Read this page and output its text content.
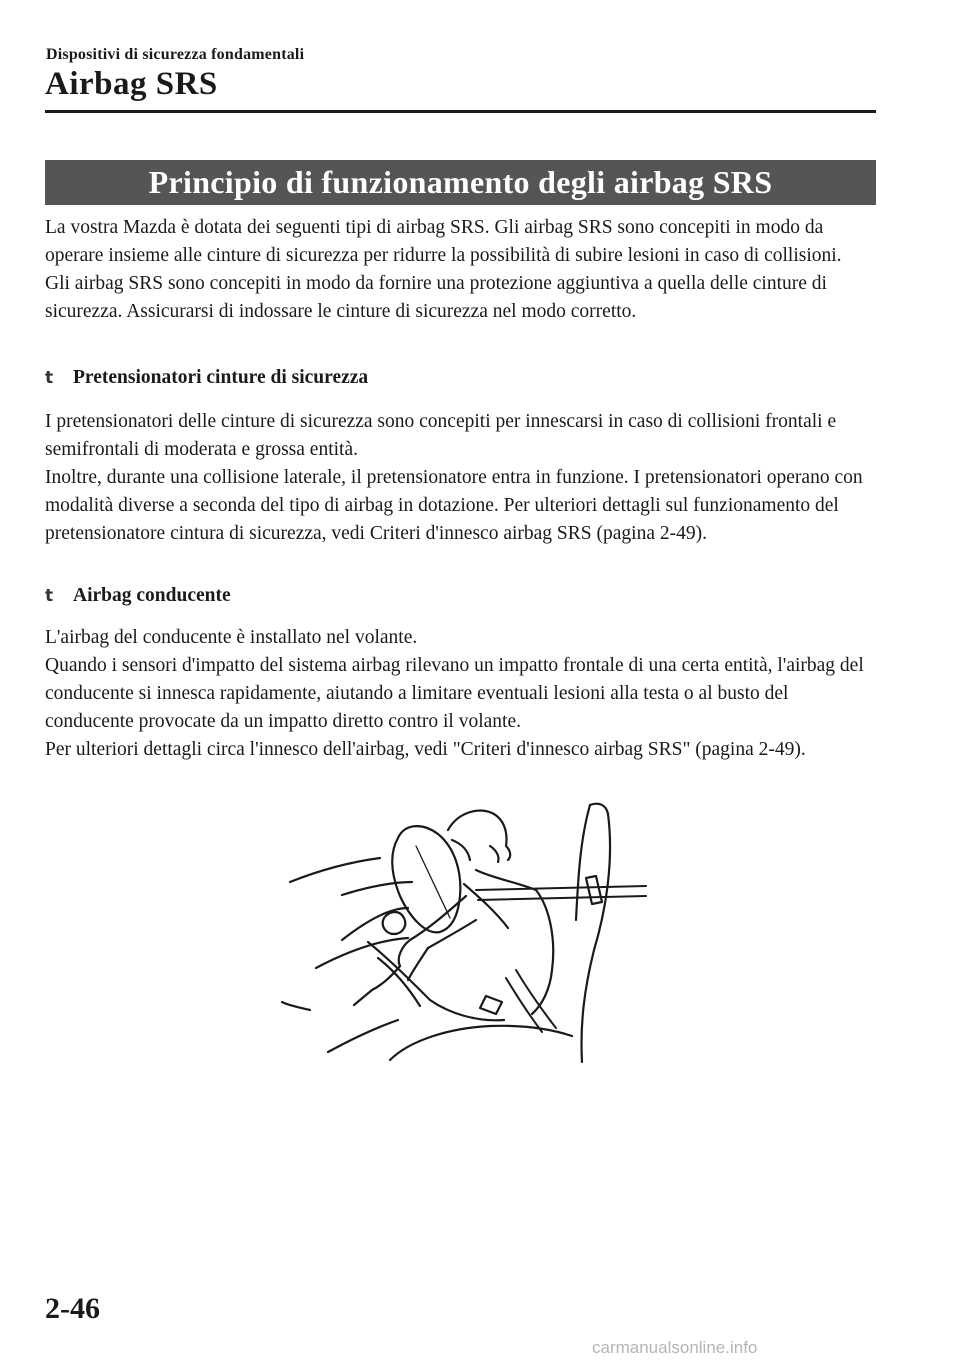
Dispositivi di sicurezza fondamentali
Airbag SRS
Principio di funzionamento degli airbag SRS

La vostra Mazda è dotata dei seguenti tipi di airbag SRS. Gli airbag SRS sono concepiti in modo da operare insieme alle cinture di sicurezza per ridurre la possibilità di subire lesioni in caso di collisioni.

Gli airbag SRS sono concepiti in modo da fornire una protezione aggiuntiva a quella delle cinture di sicurezza. Assicurarsi di indossare le cinture di sicurezza nel modo corretto.

t	Pretensionatori cinture di sicurezza

I pretensionatori delle cinture di sicurezza sono concepiti per innescarsi in caso di collisioni frontali e semifrontali di moderata e grossa entità.

Inoltre, durante una collisione laterale, il pretensionatore entra in funzione. I pretensionatori operano con modalità diverse a seconda del tipo di airbag in dotazione. Per ulteriori dettagli sul funzionamento del pretensionatore cintura di sicurezza, vedi Criteri d'innesco airbag SRS (pagina 2-49).

t	Airbag conducente

L'airbag del conducente è installato nel volante.

Quando i sensori d'impatto del sistema airbag rilevano un impatto frontale di una certa entità, l'airbag del conducente si innesca rapidamente, aiutando a limitare eventuali lesioni alla testa o al busto del conducente provocate da un impatto diretto contro il volante.

Per ulteriori dettagli circa l'innesco dell'airbag, vedi "Criteri d'innesco airbag SRS" (pagina 2-49).

2-46
carmanualsonline.info
